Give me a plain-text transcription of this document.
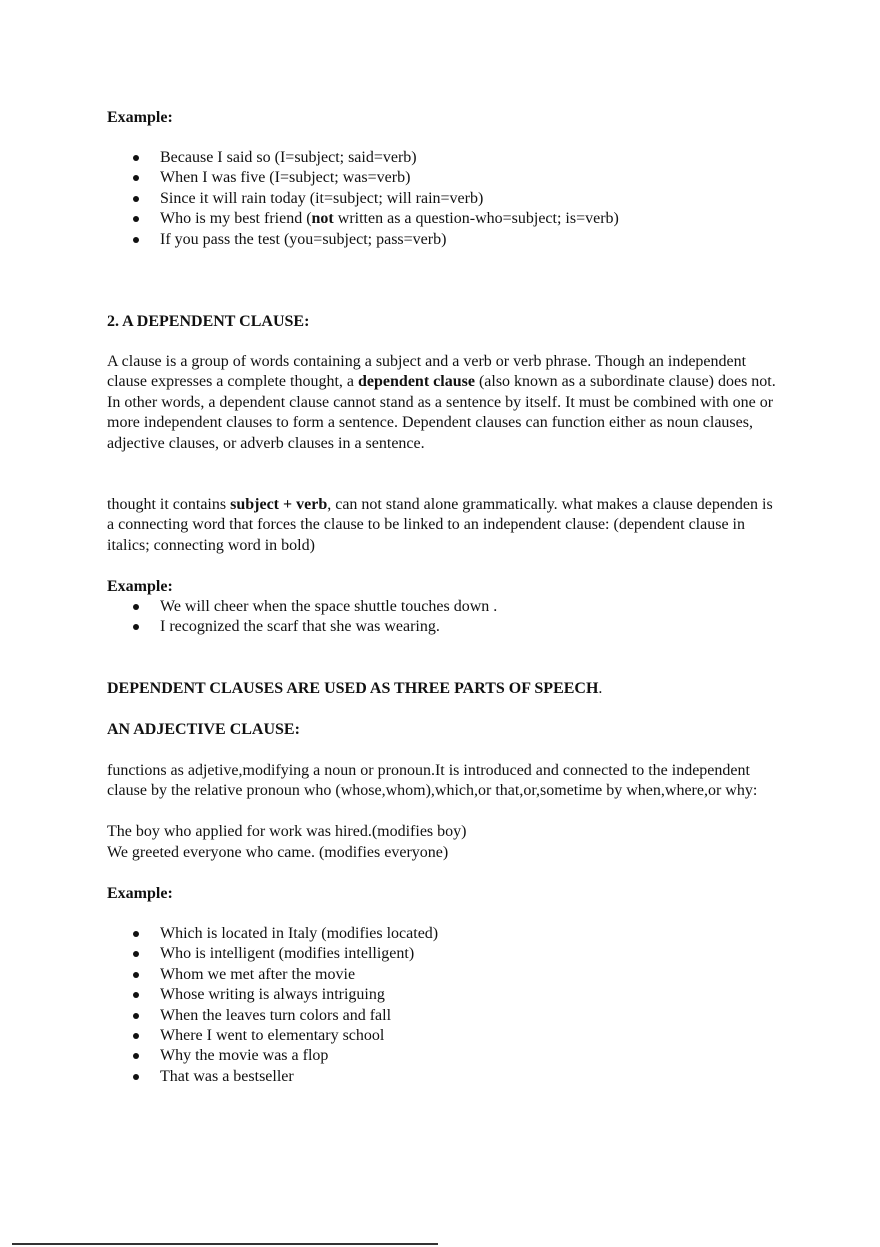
Example:
Because I said so (I=subject; said=verb)
When I was five (I=subject; was=verb)
Since it will rain today (it=subject; will rain=verb)
Who is my best friend (not written as a question-who=subject; is=verb)
If you pass the test (you=subject; pass=verb)
2. A DEPENDENT CLAUSE:

A clause is a group of words containing a subject and a verb or verb phrase. Though an independent clause expresses a complete thought, a dependent clause (also known as a subordinate clause) does not. In other words, a dependent clause cannot stand as a sentence by itself. It must be combined with one or more independent clauses to form a sentence. Dependent clauses can function either as noun clauses, adjective clauses, or adverb clauses in a sentence.

thought it contains subject + verb, can not stand alone grammatically. what makes a clause dependen is a connecting word that forces the clause to be linked to an independent clause: (dependent clause in italics; connecting word in bold)

Example:
We will cheer when the space shuttle touches down .
I recognized the scarf that she was wearing.
DEPENDENT CLAUSES ARE USED AS THREE PARTS OF SPEECH.
AN ADJECTIVE CLAUSE:

functions as adjetive,modifying a noun or pronoun.It is introduced and connected to the independent clause by the relative pronoun who (whose,whom),which,or that,or,sometime by when,where,or why:

The boy who applied for work was hired.(modifies boy)
We greeted everyone who came. (modifies everyone)
Example:
Which is located in Italy (modifies located)
Who is intelligent (modifies intelligent)
Whom we met after the movie
Whose writing is always intriguing
When the leaves turn colors and fall
Where I went to elementary school
Why the movie was a flop
That was a bestseller
